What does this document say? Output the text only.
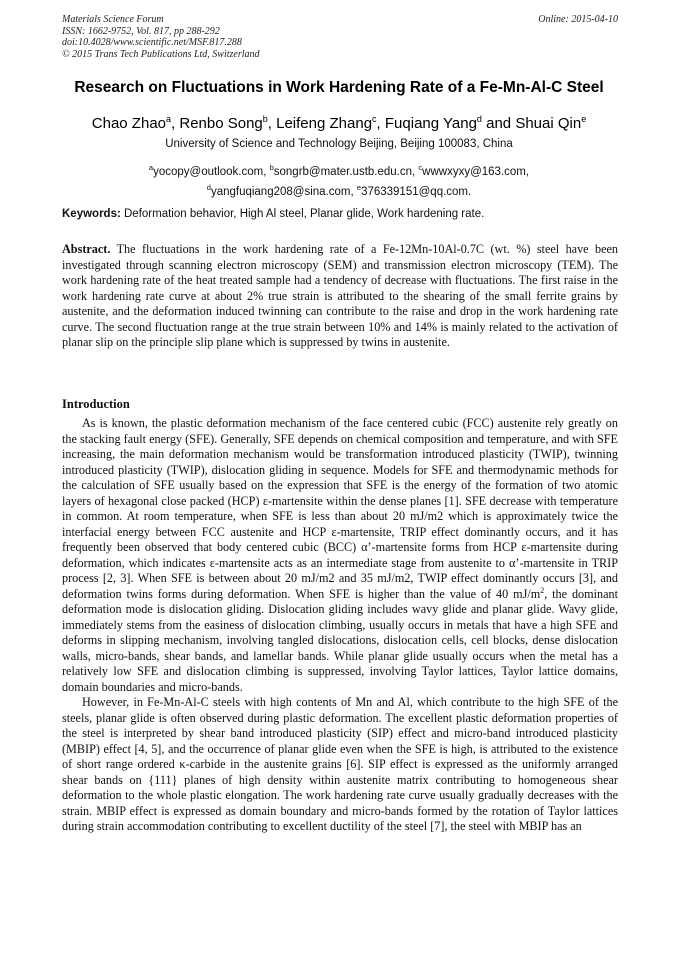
Materials Science Forum
ISSN: 1662-9752, Vol. 817, pp 288-292
doi:10.4028/www.scientific.net/MSF.817.288
© 2015 Trans Tech Publications Ltd, Switzerland
Online: 2015-04-10
Research on Fluctuations in Work Hardening Rate of a Fe-Mn-Al-C Steel
Chao Zhao$^a$, Renbo Song$^b$, Leifeng Zhang$^c$, Fuqiang Yang$^d$ and Shuai Qin$^e$
University of Science and Technology Beijing, Beijing 100083, China
$^a$yocopy@outlook.com, $^b$songrb@mater.ustb.edu.cn, $^c$wwwxyxy@163.com,
$^d$yangfuqiang208@sina.com, $^e$376339151@qq.com.
Keywords: Deformation behavior, High Al steel, Planar glide, Work hardening rate.
Abstract. The fluctuations in the work hardening rate of a Fe-12Mn-10Al-0.7C (wt. %) steel have been investigated through scanning electron microscopy (SEM) and transmission electron microscopy (TEM). The work hardening rate of the heat treated sample had a tendency of decrease with fluctuations. The first raise in the work hardening rate curve at about 2% true strain is attributed to the shearing of the small ferrite grains by austenite, and the deformation induced twinning can contribute to the raise and drop in the work hardening rate curve. The second fluctuation range at the true strain between 10% and 14% is mainly related to the activation of planar slip on the principle slip plane which is suppressed by twins in austenite.
Introduction

As is known, the plastic deformation mechanism of the face centered cubic (FCC) austenite rely greatly on the stacking fault energy (SFE). Generally, SFE depends on chemical composition and temperature, and with SFE increasing, the main deformation mechanism would be transformation introduced plasticity (TWIP), twinning introduced plasticity (TWIP), dislocation gliding in sequence. Models for SFE and thermodynamic methods for the calculation of SFE usually based on the expression that SFE is the energy of the formation of two atomic layers of hexagonal close packed (HCP) ε-martensite within the dense planes [1]. SFE decrease with temperature in common. At room temperature, when SFE is less than about 20 mJ/m2 which is approximately twice the interfacial energy between FCC austenite and HCP ε-martensite, TRIP effect dominantly occurs, and it has frequently been observed that body centered cubic (BCC) α’-martensite forms from HCP ε-martensite during deformation, which indicates ε-martensite acts as an intermediate stage from austenite to α’-martensite in TRIP process [2, 3]. When SFE is between about 20 mJ/m2 and 35 mJ/m2, TWIP effect dominantly occurs [3], and deformation twins forms during deformation. When SFE is higher than the value of 40 $mJ/m^2$, the dominant deformation mode is dislocation gliding. Dislocation gliding includes wavy glide and planar glide. Wavy glide, immediately stems from the easiness of dislocation climbing, usually occurs in metals that have a high SFE and deforms in slipping mechanism, involving tangled dislocations, dislocation cells, cell blocks, dense dislocation walls, micro-bands, shear bands, and lamellar bands. While planar glide usually occurs when the metal has a relatively low SFE and dislocation climbing is suppressed, involving Taylor lattices, Taylor lattice domains, domain boundaries and micro-bands.

However, in Fe-Mn-Al-C steels with high contents of Mn and Al, which contribute to the high SFE of the steels, planar glide is often observed during plastic deformation. The excellent plastic deformation properties of the steel is interpreted by shear band introduced plasticity (SIP) effect and micro-band introduced plasticity (MBIP) effect [4, 5], and the occurrence of planar glide even when the SFE is high, is attributed to the existence of short range ordered κ-carbide in the austenite grains [6]. SIP effect is expressed as the uniformly arranged shear bands on {111} planes of high density within austenite matrix contributing to homogeneous shear deformation to the whole plastic elongation. The work hardening rate curve usually gradually decreases with the strain. MBIP effect is expressed as domain boundary and micro-bands formed by the rotation of Taylor lattices during strain accommodation contributing to excellent ductility of the steel [7], the steel with MBIP has an
